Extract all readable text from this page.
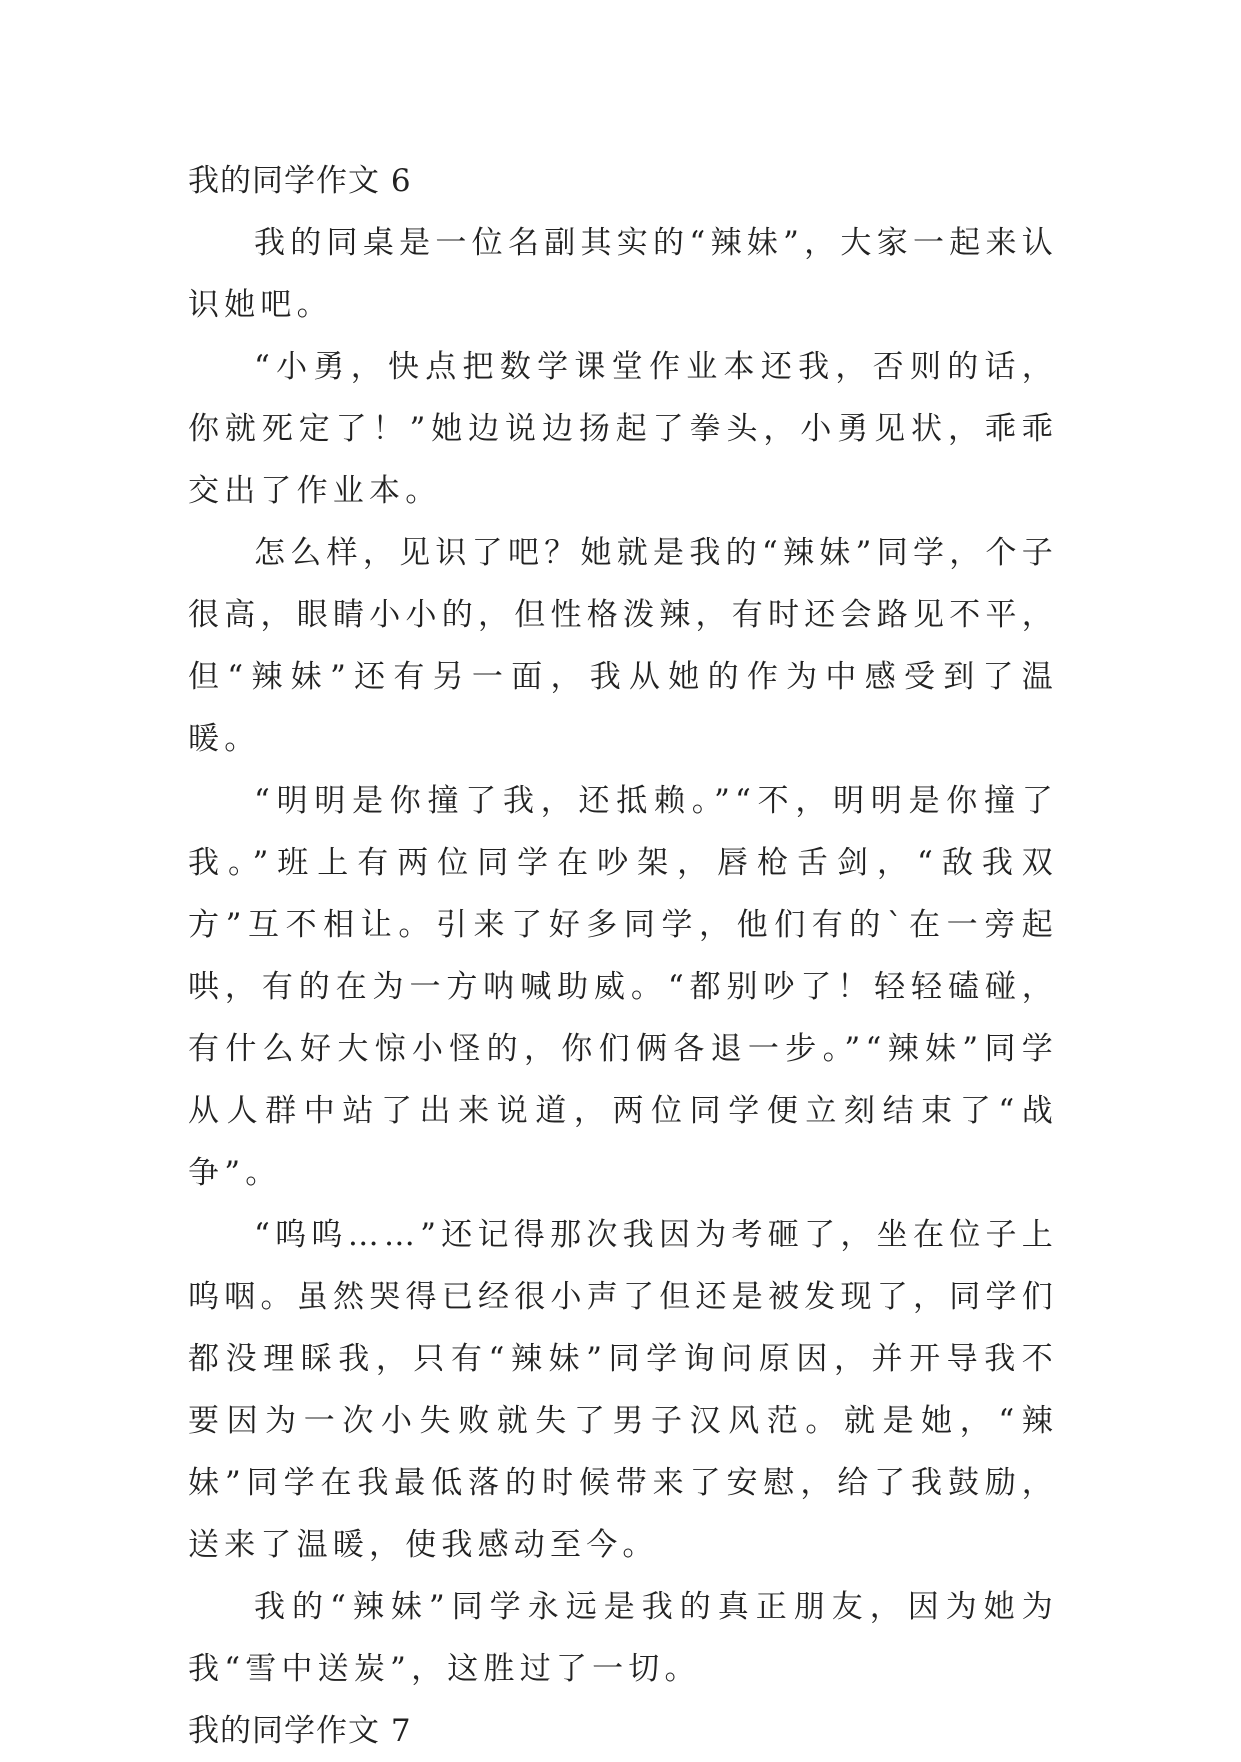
我的同学作文 6

我的同桌是一位名副其实的“辣妹”，大家一起来认识她吧。

“小勇，快点把数学课堂作业本还我，否则的话，你就死定了！”她边说边扬起了拳头，小勇见状，乖乖交出了作业本。

怎么样，见识了吧？她就是我的“辣妹”同学，个子很高，眼睛小小的，但性格泼辣，有时还会路见不平，但“辣妹”还有另一面，我从她的作为中感受到了温暖。

“明明是你撞了我，还抵赖。”“不，明明是你撞了我。”班上有两位同学在吵架，唇枪舌剑，“敌我双方”互不相让。引来了好多同学，他们有的`在一旁起哄，有的在为一方呐喊助威。“都别吵了！轻轻磕碰，有什么好大惊小怪的，你们俩各退一步。”“辣妹”同学从人群中站了出来说道，两位同学便立刻结束了“战争”。

“呜呜……”还记得那次我因为考砸了，坐在位子上呜咽。虽然哭得已经很小声了但还是被发现了，同学们都没理睬我，只有“辣妹”同学询问原因，并开导我不要因为一次小失败就失了男子汉风范。就是她，“辣妹”同学在我最低落的时候带来了安慰，给了我鼓励，送来了温暖，使我感动至今。

我的“辣妹”同学永远是我的真正朋友，因为她为我“雪中送炭”，这胜过了一切。

我的同学作文 7
